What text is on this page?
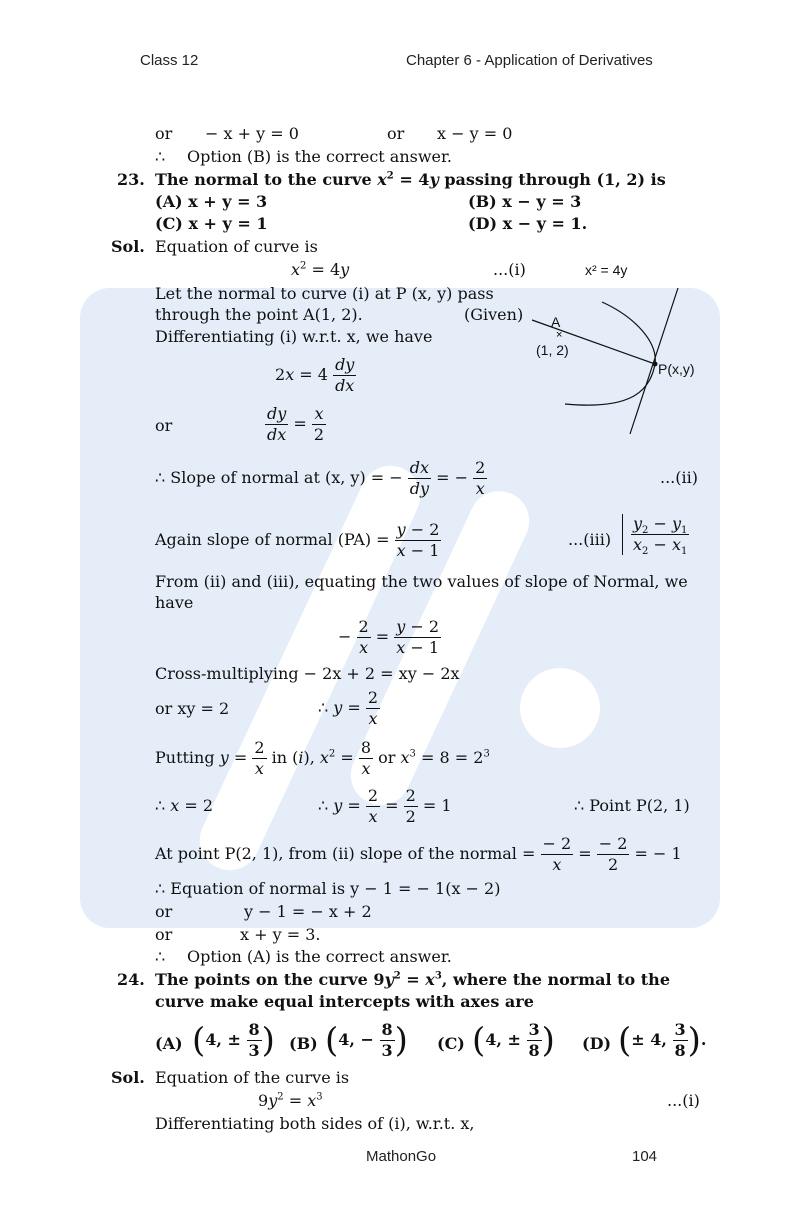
Class 12	Chapter 6 - Application of Derivatives
or − x + y = 0	or x − y = 0
∴ Option (B) is the correct answer.
23. The normal to the curve $x^2 = 4y$ passing through (1, 2) is
(A) x + y = 3	(B) x − y = 3
(C) x + y = 1	(D) x − y = 1.
Sol. Equation of curve is
$x^2 = 4y$	...(i)
Let the normal to curve (i) at P (x, y) pass
through the point A(1, 2).	(Given)
Differentiating (i) w.r.t. x, we have	×
x² = 4y
A
(1, 2)
P(x,y)
$2x = 4 \frac{dy}{dx}$
or	$\frac{dy}{dx} = \frac{x}{2}$
∴ Slope of normal at (x, y) = − $\frac{dx}{dy}$ = − $\frac{2}{x}$	...(ii)
Again slope of normal $(PA) = \frac{y - 2}{x - 1}$	$...(iii) \frac{y_2 - y_1}{x_2 - x_1}$
From (ii) and (iii), equating the two values of slope of Normal, we
have
− $\frac{2}{x} = \frac{y - 2}{x - 1}$
Cross-multiplying − 2x + 2 = xy − 2x
or xy = 2	∴ $y = \frac{2}{x}$
Putting $y = \frac{2}{x}$ in (i), $x^2 = \frac{8}{x}$ or $x^3 = 8 = 2^3$
∴ x = 2	∴ $y = \frac{2}{x} = \frac{2}{2} = 1$	∴ Point P(2, 1)
At point P(2, 1), from (ii) slope of the normal = $\frac{- 2}{x} = \frac{- 2}{2}$ = − 1
∴ Equation of normal is y − 1 = − 1(x − 2)
or	y − 1 = − x + 2
or	x + y = 3.
∴ Option (A) is the correct answer.
24. The points on the curve $9y^2 = x^3$, where the normal to the
curve make equal intercepts with axes are
(A) (4, ± $\frac{8}{3}$ ) (B) (4, − $\frac{8}{3}$ ) (C) (4, ± $\frac{3}{8}$ ) (D) (± 4, $\frac{3}{8}$ ).
Sol. Equation of the curve is
$9y^2 = x^3$	...(i)
Differentiating both sides of (i), w.r.t. x,
MathonGo	104
